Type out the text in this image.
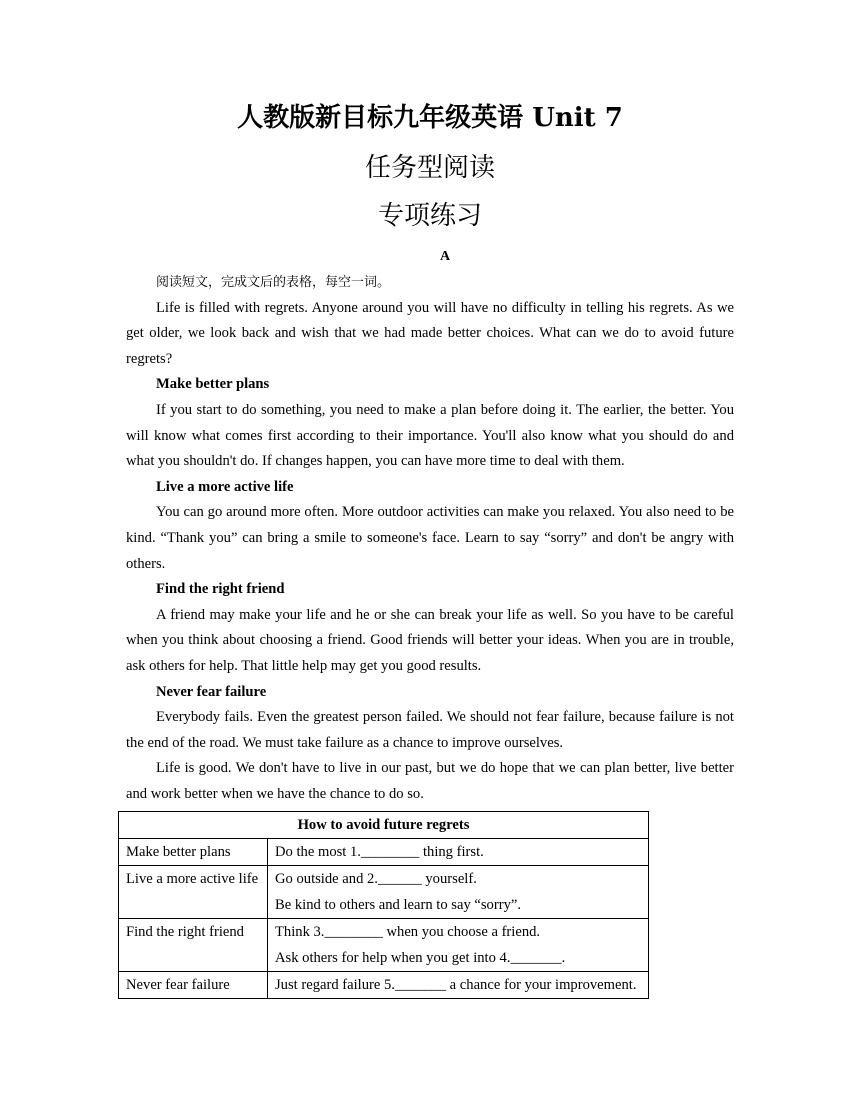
人教版新目标九年级英语 Unit 7
任务型阅读
专项练习
A

阅读短文，完成文后的表格，每空一词。

Life is filled with regrets. Anyone around you will have no difficulty in telling his regrets. As we get older, we look back and wish that we had made better choices. What can we do to avoid future regrets?

Make better plans

If you start to do something, you need to make a plan before doing it. The earlier, the better. You will know what comes first according to their importance. You'll also know what you should do and what you shouldn't do. If changes happen, you can have more time to deal with them.

Live a more active life

You can go around more often. More outdoor activities can make you relaxed. You also need to be kind. “Thank you” can bring a smile to someone's face. Learn to say “sorry” and don't be angry with others.

Find the right friend

A friend may make your life and he or she can break your life as well. So you have to be careful when you think about choosing a friend. Good friends will better your ideas. When you are in trouble, ask others for help. That little help may get you good results.

Never fear failure

Everybody fails. Even the greatest person failed. We should not fear failure, because failure is not the end of the road. We must take failure as a chance to improve ourselves.

Life is good. We don't have to live in our past, but we do hope that we can plan better, live better and work better when we have the chance to do so.

How to avoid future regrets	
Make better plans	Do the most 1.________ thing first.

Live a more active life	Go outside and 2.______ yourself.
Be kind to others and learn to say “sorry”.

Find the right friend	Think 3.________ when you choose a friend.
Ask others for help when you get into 4._______.

Never fear failure	Just regard failure 5._______ a chance for your improvement.
